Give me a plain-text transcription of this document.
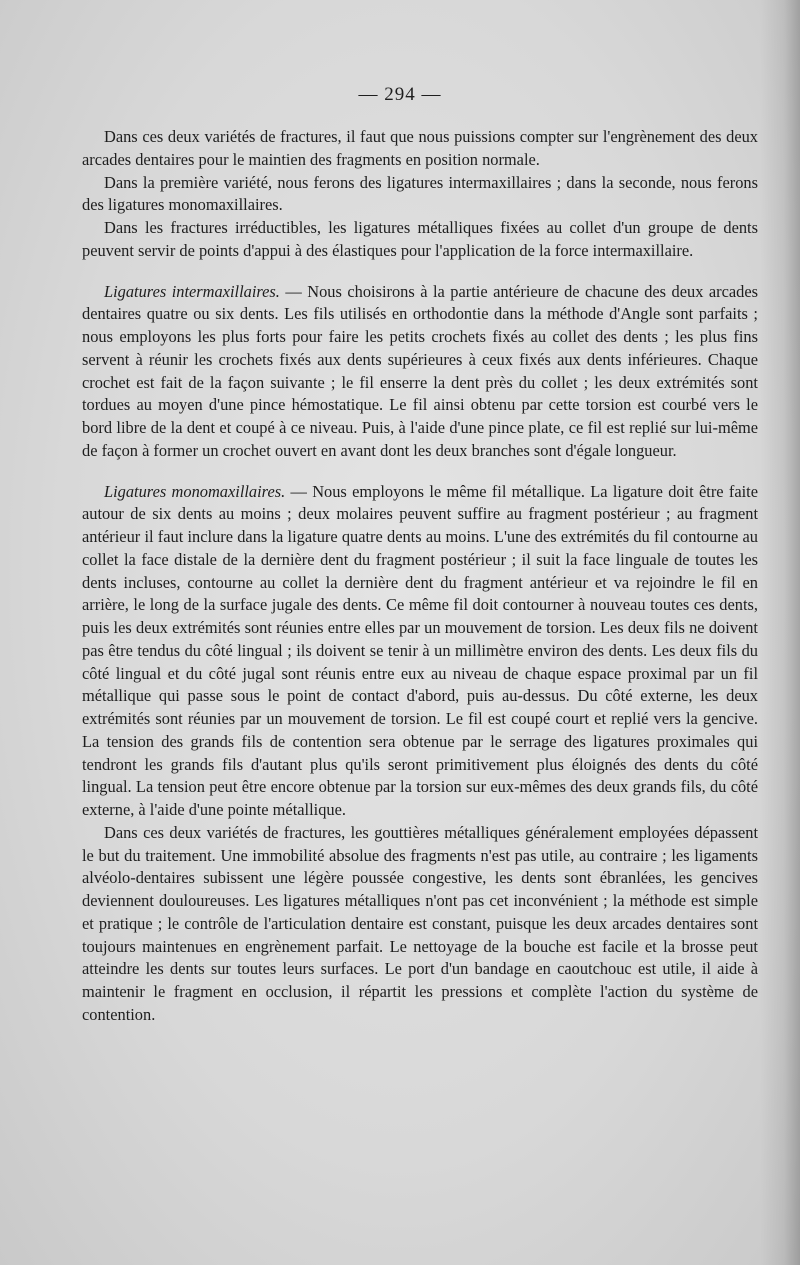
— 294 —

Dans ces deux variétés de fractures, il faut que nous puissions compter sur l'engrènement des deux arcades dentaires pour le maintien des fragments en position normale.

Dans la première variété, nous ferons des ligatures intermaxillaires ; dans la seconde, nous ferons des ligatures monomaxillaires.

Dans les fractures irréductibles, les ligatures métalliques fixées au collet d'un groupe de dents peuvent servir de points d'appui à des élastiques pour l'application de la force intermaxillaire.

Ligatures intermaxillaires. — Nous choisirons à la partie antérieure de chacune des deux arcades dentaires quatre ou six dents. Les fils utilisés en orthodontie dans la méthode d'Angle sont parfaits ; nous employons les plus forts pour faire les petits crochets fixés au collet des dents ; les plus fins servent à réunir les crochets fixés aux dents supérieures à ceux fixés aux dents inférieures. Chaque crochet est fait de la façon suivante ; le fil enserre la dent près du collet ; les deux extrémités sont tordues au moyen d'une pince hémostatique. Le fil ainsi obtenu par cette torsion est courbé vers le bord libre de la dent et coupé à ce niveau. Puis, à l'aide d'une pince plate, ce fil est replié sur lui-même de façon à former un crochet ouvert en avant dont les deux branches sont d'égale longueur.

Ligatures monomaxillaires. — Nous employons le même fil métallique. La ligature doit être faite autour de six dents au moins ; deux molaires peuvent suffire au fragment postérieur ; au fragment antérieur il faut inclure dans la ligature quatre dents au moins. L'une des extrémités du fil contourne au collet la face distale de la dernière dent du fragment postérieur ; il suit la face linguale de toutes les dents incluses, contourne au collet la dernière dent du fragment antérieur et va rejoindre le fil en arrière, le long de la surface jugale des dents. Ce même fil doit contourner à nouveau toutes ces dents, puis les deux extrémités sont réunies entre elles par un mouvement de torsion. Les deux fils ne doivent pas être tendus du côté lingual ; ils doivent se tenir à un millimètre environ des dents. Les deux fils du côté lingual et du côté jugal sont réunis entre eux au niveau de chaque espace proximal par un fil métallique qui passe sous le point de contact d'abord, puis au-dessus. Du côté externe, les deux extrémités sont réunies par un mouvement de torsion. Le fil est coupé court et replié vers la gencive. La tension des grands fils de contention sera obtenue par le serrage des ligatures proximales qui tendront les grands fils d'autant plus qu'ils seront primitivement plus éloignés des dents du côté lingual. La tension peut être encore obtenue par la torsion sur eux-mêmes des deux grands fils, du côté externe, à l'aide d'une pointe métallique.

Dans ces deux variétés de fractures, les gouttières métalliques généralement employées dépassent le but du traitement. Une immobilité absolue des fragments n'est pas utile, au contraire ; les ligaments alvéolo-dentaires subissent une légère poussée congestive, les dents sont ébranlées, les gencives deviennent douloureuses. Les ligatures métalliques n'ont pas cet inconvénient ; la méthode est simple et pratique ; le contrôle de l'articulation dentaire est constant, puisque les deux arcades dentaires sont toujours maintenues en engrènement parfait. Le nettoyage de la bouche est facile et la brosse peut atteindre les dents sur toutes leurs surfaces. Le port d'un bandage en caoutchouc est utile, il aide à maintenir le fragment en occlusion, il répartit les pressions et complète l'action du système de contention.
